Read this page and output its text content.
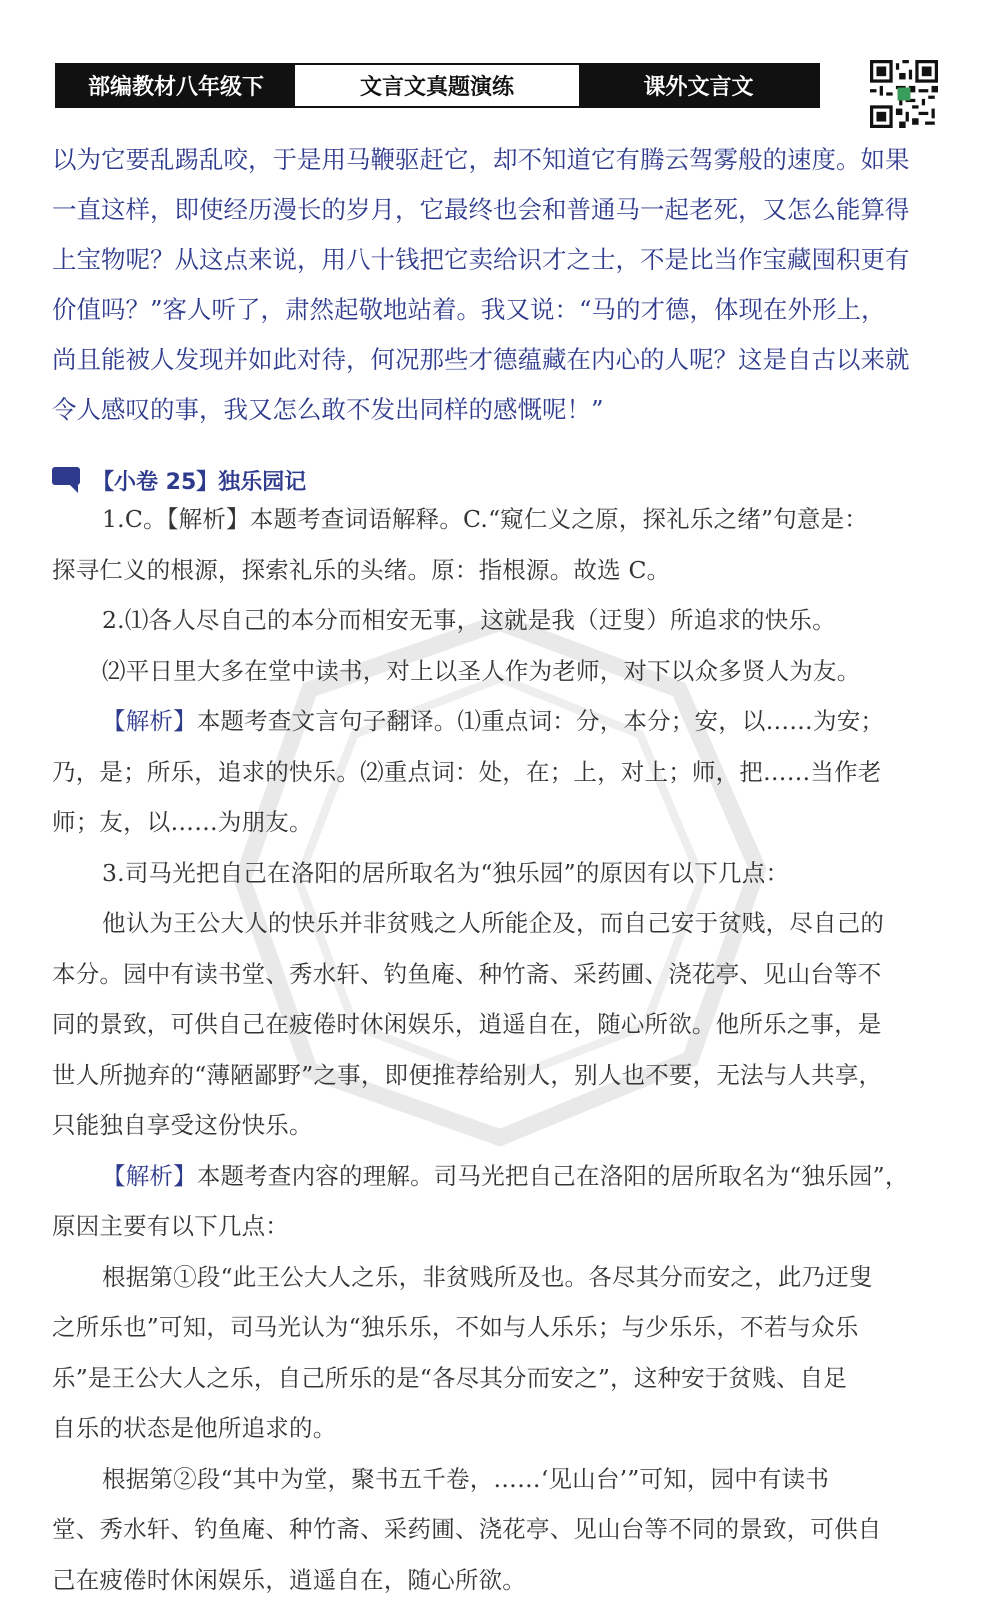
部编教材八年级下	文言文真题演练	课外文言文

以为它要乱踢乱咬，于是用马鞭驱赶它，却不知道它有腾云驾雾般的速度。如果

一直这样，即使经历漫长的岁月，它最终也会和普通马一起老死，又怎么能算得

上宝物呢？从这点来说，用八十钱把它卖给识才之士，不是比当作宝藏囤积更有

价值吗？”客人听了，肃然起敬地站着。我又说：“马的才德，体现在外形上，

尚且能被人发现并如此对待，何况那些才德蕴藏在内心的人呢？这是自古以来就

令人感叹的事，我又怎么敢不发出同样的感慨呢！”

【小卷 25】独乐园记

1.C。【解析】本题考查词语解释。C.“窥仁义之原，探礼乐之绪”句意是：

探寻仁义的根源，探索礼乐的头绪。原：指根源。故选 C。

2.⑴各人尽自己的本分而相安无事，这就是我（迂叟）所追求的快乐。

⑵平日里大多在堂中读书，对上以圣人作为老师，对下以众多贤人为友。

【解析】本题考查文言句子翻译。⑴重点词：分，本分；安，以……为安；

乃，是；所乐，追求的快乐。⑵重点词：处，在；上，对上；师，把……当作老

师；友，以……为朋友。

3.司马光把自己在洛阳的居所取名为“独乐园”的原因有以下几点：

他认为王公大人的快乐并非贫贱之人所能企及，而自己安于贫贱，尽自己的

本分。园中有读书堂、秀水轩、钓鱼庵、种竹斋、采药圃、浇花亭、见山台等不

同的景致，可供自己在疲倦时休闲娱乐，逍遥自在，随心所欲。他所乐之事，是

世人所抛弃的“薄陋鄙野”之事，即便推荐给别人，别人也不要，无法与人共享，

只能独自享受这份快乐。

【解析】本题考查内容的理解。司马光把自己在洛阳的居所取名为“独乐园”，

原因主要有以下几点：

根据第①段“此王公大人之乐，非贫贱所及也。各尽其分而安之，此乃迂叟

之所乐也”可知，司马光认为“独乐乐，不如与人乐乐；与少乐乐，不若与众乐

乐”是王公大人之乐，自己所乐的是“各尽其分而安之”，这种安于贫贱、自足

自乐的状态是他所追求的。

根据第②段“其中为堂，聚书五千卷，……‘见山台’”可知，园中有读书

堂、秀水轩、钓鱼庵、种竹斋、采药圃、浇花亭、见山台等不同的景致，可供自

己在疲倦时休闲娱乐，逍遥自在，随心所欲。
